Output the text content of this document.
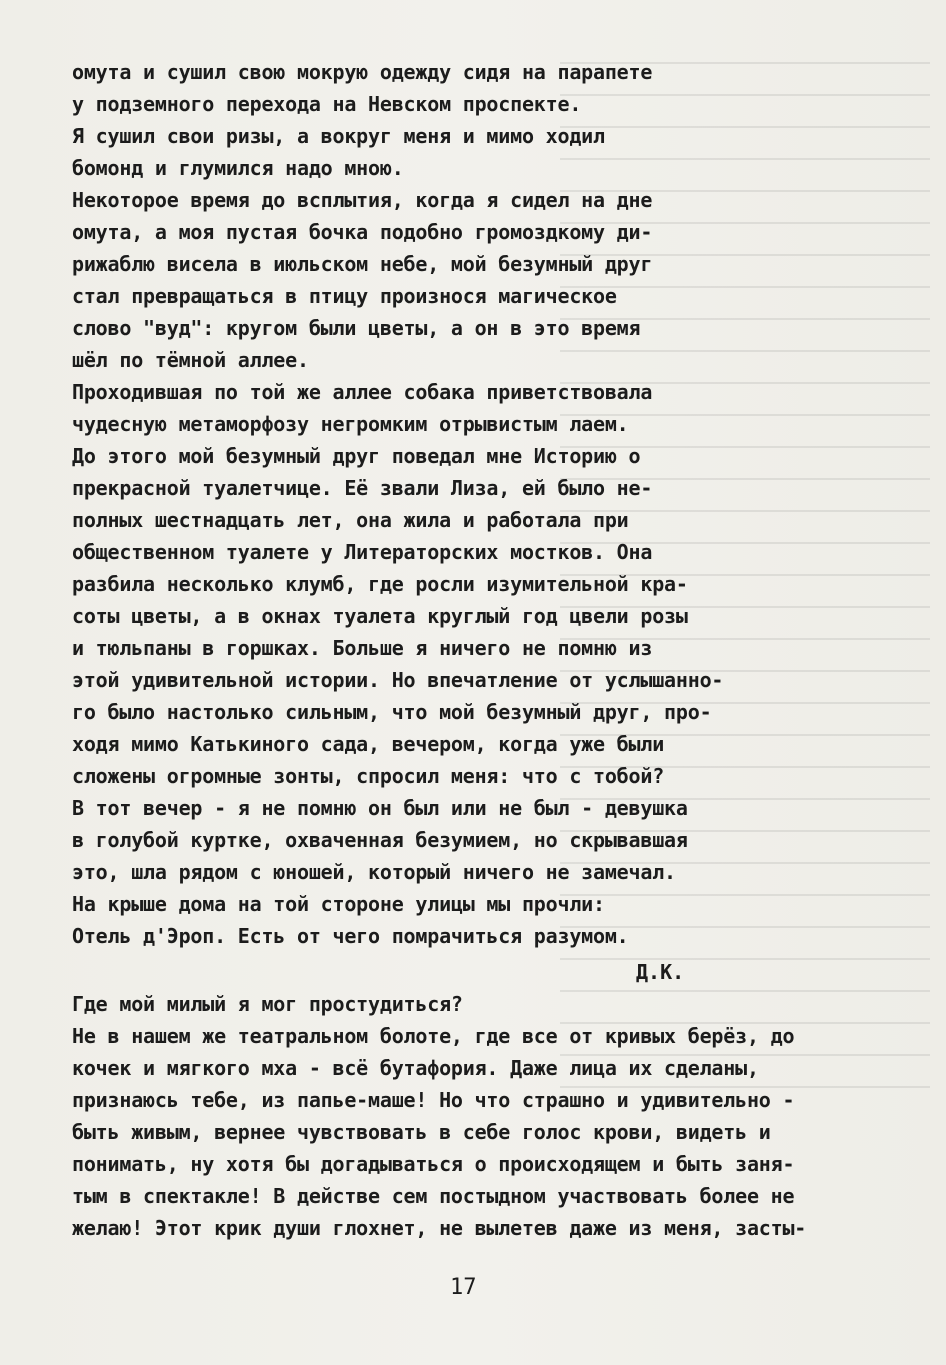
омута и сушил свою мокрую одежду сидя на парапете
у подземного перехода на Невском проспекте.
Я сушил свои ризы, а вокруг меня и мимо ходил
бомонд и глумился надо мною.
Некоторое время до всплытия, когда я сидел на дне
омута, а моя пустая бочка подобно громоздкому ди-
рижаблю висела в июльском небе, мой безумный друг
стал превращаться в птицу произнося магическое
слово "вуд": кругом были цветы, а он в это время
шёл по тёмной аллее.
Проходившая по той же аллее собака приветствовала
чудесную метаморфозу негромким отрывистым лаем.
До этого мой безумный друг поведал мне Историю о
прекрасной туалетчице. Её звали Лиза, ей было не-
полных шестнадцать лет, она жила и работала при
общественном туалете у Литераторских мостков. Она
разбила несколько клумб, где росли изумительной кра-
соты цветы, а в окнах туалета круглый год цвели розы
и тюльпаны в горшках. Больше я ничего не помню из
этой удивительной истории. Но впечатление от услышанно-
го было настолько сильным, что мой безумный друг, про-
ходя мимо Катькиного сада, вечером, когда уже были
сложены огромные зонты, спросил меня: что с тобой?
В тот вечер - я не помню он был или не был - девушка
в голубой куртке, охваченная безумием, но скрывавшая
это, шла рядом с юношей, который ничего не замечал.
На крыше дома на той стороне улицы мы прочли:
Отель д'Эроп. Есть от чего помрачиться разумом.
Д.К.
Где мой милый я мог простудиться?
Не в нашем же театральном болоте, где все от кривых берёз, до
кочек и мягкого мха - всё бутафория. Даже лица их сделаны,
признаюсь тебе, из папье-маше! Но что страшно и удивительно -
быть живым, вернее чувствовать в себе голос крови, видеть и
понимать, ну хотя бы догадываться о происходящем и быть заня-
тым в спектакле! В действе сем постыдном участвовать более не
желаю! Этот крик души глохнет, не вылетев даже из меня, засты-
17
